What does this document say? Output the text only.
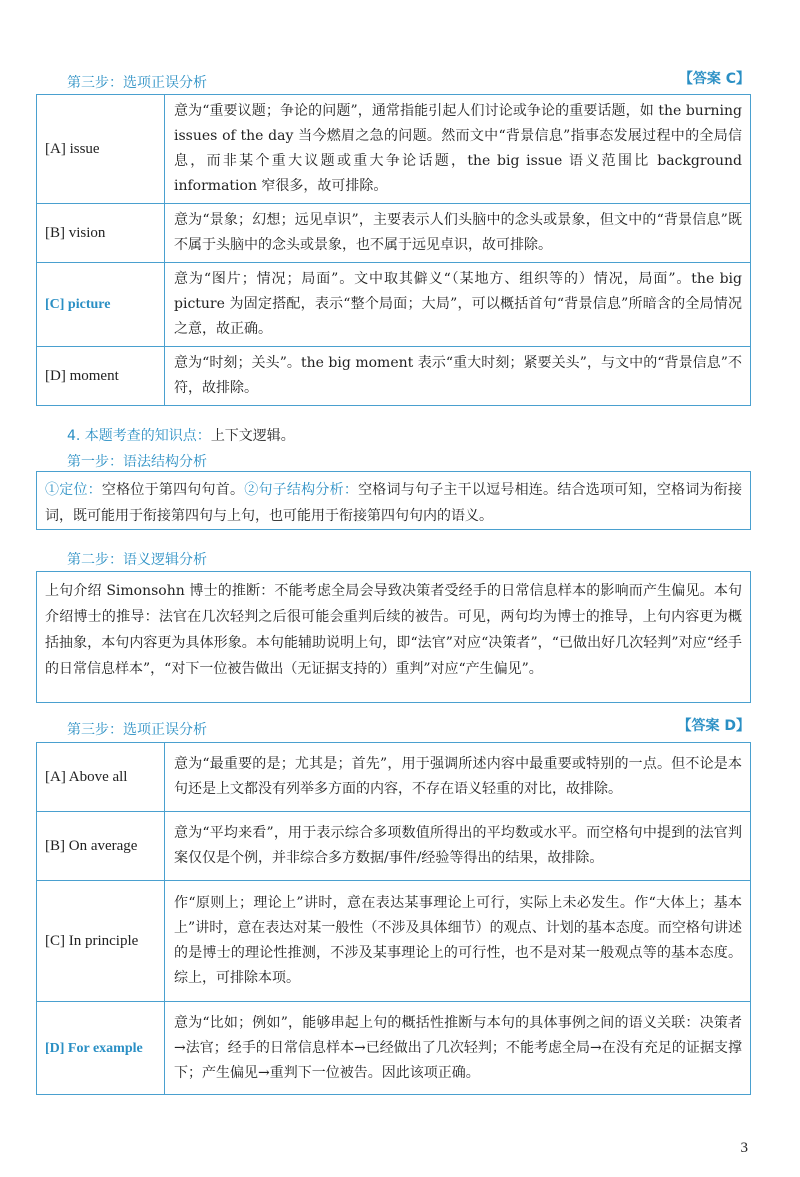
第三步：选项正误分析	【答案 C】
[A] issue	意为“重要议题；争论的问题”，通常指能引起人们讨论或争论的重要话题，如 the burning issues of the day 当今燃眉之急的问题。然而文中“背景信息”指事态发展过程中的全局信息，而非某个重大议题或重大争论话题，the big issue 语义范围比 background information 窄很多，故可排除。
[B] vision	意为“景象；幻想；远见卓识”，主要表示人们头脑中的念头或景象，但文中的“背景信息”既不属于头脑中的念头或景象，也不属于远见卓识，故可排除。
[C] picture	意为“图片；情况；局面”。文中取其僻义“（某地方、组织等的）情况，局面”。the big picture 为固定搭配，表示“整个局面；大局”，可以概括首句“背景信息”所暗含的全局情况之意，故正确。
[D] moment	意为“时刻；关头”。the big moment 表示“重大时刻；紧要关头”，与文中的“背景信息”不符，故排除。
4. 本题考查的知识点：上下文逻辑。
第一步：语法结构分析
①定位：空格位于第四句句首。②句子结构分析：空格词与句子主干以逗号相连。结合选项可知，空格词为衔接词，既可能用于衔接第四句与上句，也可能用于衔接第四句句内的语义。
第二步：语义逻辑分析
上句介绍 Simonsohn 博士的推断：不能考虑全局会导致决策者受经手的日常信息样本的影响而产生偏见。本句介绍博士的推导：法官在几次轻判之后很可能会重判后续的被告。可见，两句均为博士的推导，上句内容更为概括抽象，本句内容更为具体形象。本句能辅助说明上句，即“法官”对应“决策者”，“已做出好几次轻判”对应“经手的日常信息样本”，“对下一位被告做出（无证据支持的）重判”对应“产生偏见”。
第三步：选项正误分析	【答案 D】
[A] Above all	意为“最重要的是；尤其是；首先”，用于强调所述内容中最重要或特别的一点。但不论是本句还是上文都没有列举多方面的内容，不存在语义轻重的对比，故排除。
[B] On average	意为“平均来看”，用于表示综合多项数值所得出的平均数或水平。而空格句中提到的法官判案仅仅是个例，并非综合多方数据/事件/经验等得出的结果，故排除。
[C] In principle	作“原则上；理论上”讲时，意在表达某事理论上可行，实际上未必发生。作“大体上；基本上”讲时，意在表达对某一般性（不涉及具体细节）的观点、计划的基本态度。而空格句讲述的是博士的理论性推测，不涉及某事理论上的可行性，也不是对某一般观点等的基本态度。综上，可排除本项。
[D] For example	意为“比如；例如”，能够串起上句的概括性推断与本句的具体事例之间的语义关联：决策者→法官；经手的日常信息样本→已经做出了几次轻判；不能考虑全局→在没有充足的证据支撑下；产生偏见→重判下一位被告。因此该项正确。
3
